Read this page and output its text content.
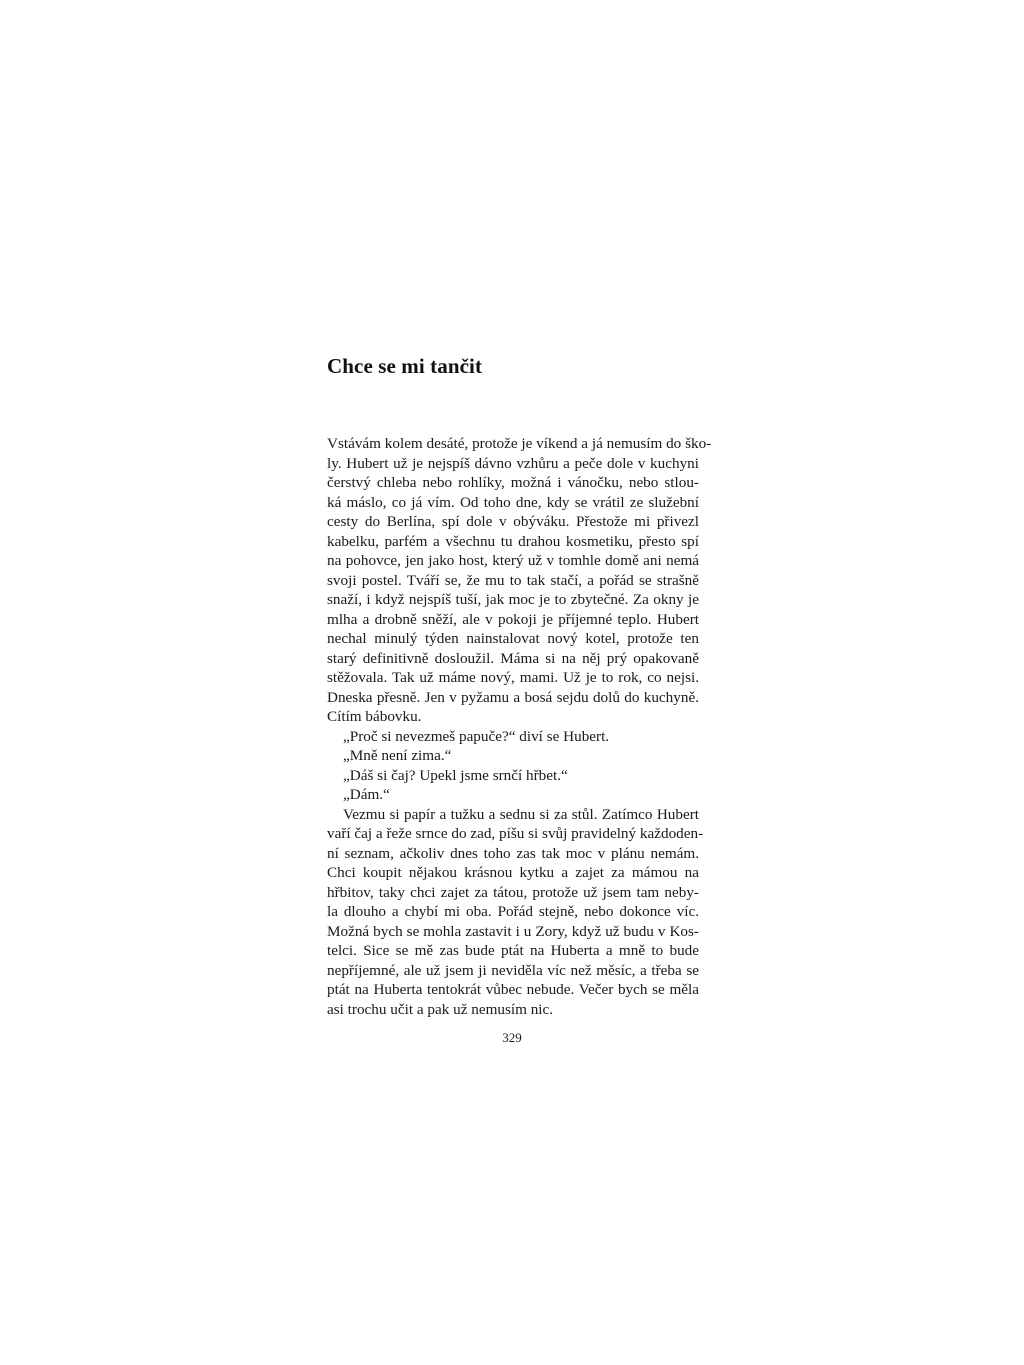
Chce se mi tančit
Vstávám kolem desáté, protože je víkend a já nemusím do ško-
ly. Hubert už je nejspíš dávno vzhůru a peče dole v kuchyni
čerstvý chleba nebo rohlíky, možná i vánočku, nebo stlou-
ká máslo, co já vím. Od toho dne, kdy se vrátil ze služební
cesty do Berlína, spí dole v obýváku. Přestože mi přivezl
kabelku, parfém a všechnu tu drahou kosmetiku, přesto spí
na pohovce, jen jako host, který už v tomhle domě ani nemá
svoji postel. Tváří se, že mu to tak stačí, a pořád se strašně
snaží, i když nejspíš tuší, jak moc je to zbytečné. Za okny je
mlha a drobně sněží, ale v pokoji je příjemné teplo. Hubert
nechal minulý týden nainstalovat nový kotel, protože ten
starý definitivně dosloužil. Máma si na něj prý opakovaně
stěžovala. Tak už máme nový, mami. Už je to rok, co nejsi.
Dneska přesně. Jen v pyžamu a bosá sejdu dolů do kuchyně.
Cítím bábovku.
„Proč si nevezmeš papuče?“ diví se Hubert.
„Mně není zima.“
„Dáš si čaj? Upekl jsme srnčí hřbet.“
„Dám.“
Vezmu si papír a tužku a sednu si za stůl. Zatímco Hubert
vaří čaj a řeže srnce do zad, píšu si svůj pravidelný každoden-
ní seznam, ačkoliv dnes toho zas tak moc v plánu nemám.
Chci koupit nějakou krásnou kytku a zajet za mámou na
hřbitov, taky chci zajet za tátou, protože už jsem tam neby-
la dlouho a chybí mi oba. Pořád stejně, nebo dokonce víc.
Možná bych se mohla zastavit i u Zory, když už budu v Kos-
telci. Sice se mě zas bude ptát na Huberta a mně to bude
nepříjemné, ale už jsem ji neviděla víc než měsíc, a třeba se
ptát na Huberta tentokrát vůbec nebude. Večer bych se měla
asi trochu učit a pak už nemusím nic.
329
